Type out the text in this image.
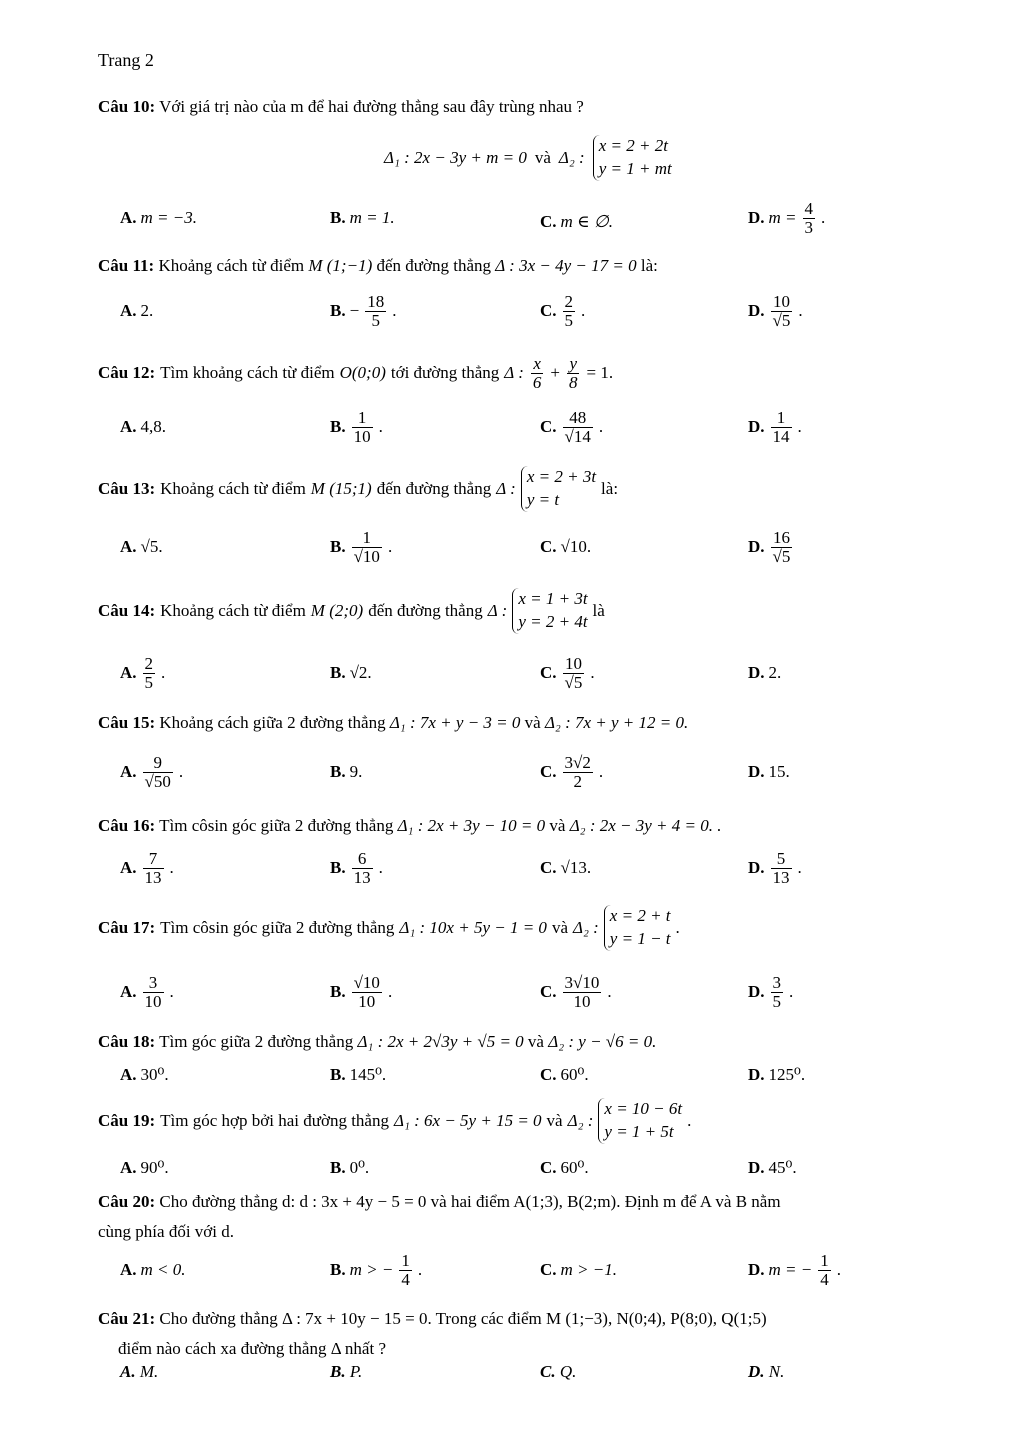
Trang 2
Câu 10: Với giá trị nào của m để hai đường thẳng sau đây trùng nhau ?
Δ₁ : 2x − 3y + m = 0 và Δ₂ :
x = 2 + 2t
y = 1 + mt
A. m = −3.	B. m = 1.	C. m ∈ ∅.	D. $m = \frac{4}{3}$ .
Câu 11: Khoảng cách từ điểm M (1;−1) đến đường thẳng Δ : 3x − 4y − 17 = 0 là:
A. 2.	B. − $\frac{18}{5}$ .	C. $\frac{2}{5}$ .	D. $\frac{10}{√5}$ .
Câu 12: Tìm khoảng cách từ điểm O(0;0) tới đường thẳng Δ : $\frac{x}{6} + \frac{y}{8} = 1$.
A. 4,8.	B. $\frac{1}{10}$ .	C. $\frac{48}{√14}$ .	D. $\frac{1}{14}$ .
Câu 13: Khoảng cách từ điểm M (15;1) đến đường thẳng Δ :
x = 2 + 3t
y = t
là:
A. √5.	B. $\frac{1}{√10}$ .	C. √10.	D. $\frac{16}{√5}$
Câu 14: Khoảng cách từ điểm M (2;0) đến đường thẳng Δ :
x = 1 + 3t
y = 2 + 4t
là
A. $\frac{2}{5}$ .	B. √2.	C. $\frac{10}{√5}$ .	D. 2.
Câu 15: Khoảng cách giữa 2 đường thẳng Δ₁ : 7x + y − 3 = 0 và Δ₂ : 7x + y + 12 = 0.
A. $\frac{9}{√50}$ .	B. 9.	C. $\frac{3√2}{2}$ .	D. 15.
Câu 16: Tìm côsin góc giữa 2 đường thẳng Δ₁ : 2x + 3y − 10 = 0 và Δ₂ : 2x − 3y + 4 = 0. .
A. $\frac{7}{13}$ .	B. $\frac{6}{13}$ .	C. √13.	D. $\frac{5}{13}$ .
Câu 17: Tìm côsin góc giữa 2 đường thẳng Δ₁ : 10x + 5y − 1 = 0 và Δ₂ :
x = 2 + t
y = 1 − t
.
A. $\frac{3}{10}$ .	B. $\frac{√10}{10}$ .	C. $\frac{3√10}{10}$ .	D. $\frac{3}{5}$ .
Câu 18: Tìm góc giữa 2 đường thẳng Δ₁ : 2x + 2√3y + √5 = 0 và Δ₂ : y − √6 = 0.
A. 30⁰.	B. 145⁰.	C. 60⁰.	D. 125⁰.
Câu 19: Tìm góc hợp bởi hai đường thẳng Δ₁ : 6x − 5y + 15 = 0 và Δ₂ :
x = 10 − 6t
y = 1 + 5t
.
A. 90⁰.	B. 0⁰.	C. 60⁰.	D. 45⁰.
Câu 20: Cho đường thẳng d: d : 3x + 4y − 5 = 0 và hai điểm A(1;3), B(2;m). Định m để A và B nằm
cùng phía đối với d.
A. m < 0.	B. m > − $\frac{1}{4}$ .	C. m > −1.	D. m = − $\frac{1}{4}$ .
Câu 21: Cho đường thẳng Δ : 7x + 10y − 15 = 0. Trong các điểm M (1;−3), N(0;4), P(8;0), Q(1;5)
điểm nào cách xa đường thẳng Δ nhất ?
A. M.	B. P.	C. Q.	D. N.
